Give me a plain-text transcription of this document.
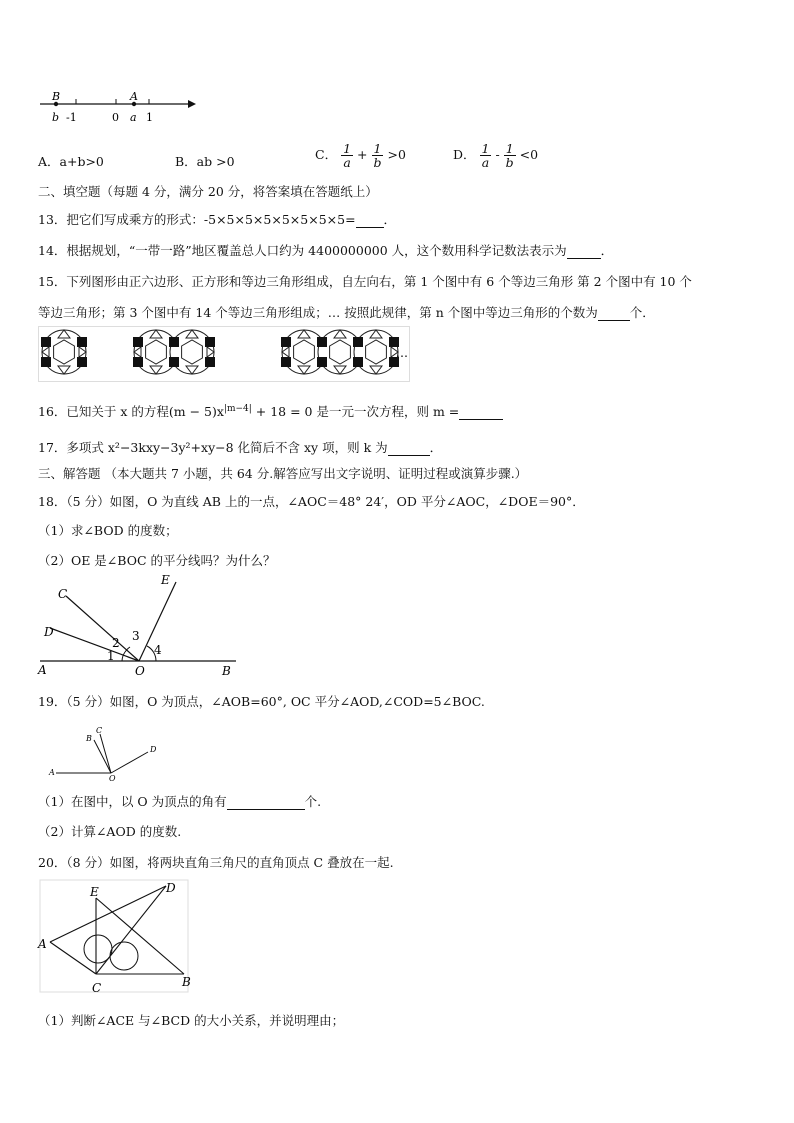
B	A
b -1	0 a 1
A．a+b>0	B．ab >0	C． $\frac{1}{a} + \frac{1}{b} >0$	D． $\frac{1}{a} - \frac{1}{b} <0$
二、填空题（每题 4 分，满分 20 分，将答案填在答题纸上）
13．把它们写成乘方的形式：-5×5×5×5×5×5×5×5= ．
14．根据规划，“一带一路”地区覆盖总人口约为 4400000000 人，这个数用科学记数法表示为	．
15．下列图形由正六边形、正方形和等边三角形组成，自左向右，第 1 个图中有 6 个等边三角形 第 2 个图中有 10 个
等边三角形；第 3 个图中有 14 个等边三角形组成；… 按照此规律，第 n 个图中等边三角形的个数为	个．
…
16．已知关于 x 的方程$(m - 5)x^{|m-4|} + 18 = 0$ 是一元一次方程，则 m =
17．多项式 x²−3kxy−3y²+xy−8 化简后不含 xy 项，则 k 为	．
三、解答题 （本大题共 7 小题，共 64 分.解答应写出文字说明、证明过程或演算步骤.）
18．（5 分）如图，O 为直线 AB 上的一点，∠AOC＝48° 24′，OD 平分∠AOC，∠DOE＝90°．
（1）求∠BOD 的度数；
（2）OE 是∠BOC 的平分线吗？为什么？
E
C
D
A	O	B
1
2 3
4
19．（5 分）如图，O 为顶点，∠AOB=60°, OC 平分∠AOD,∠COD=5∠BOC.
C
B
D
A
O
（1）在图中，以 O 为顶点的角有	个.
（2）计算∠AOD 的度数.
20．（8 分）如图，将两块直角三角尺的直角顶点 C 叠放在一起.
E	D
A
C	B
（1）判断∠ACE 与∠BCD 的大小关系，并说明理由；
